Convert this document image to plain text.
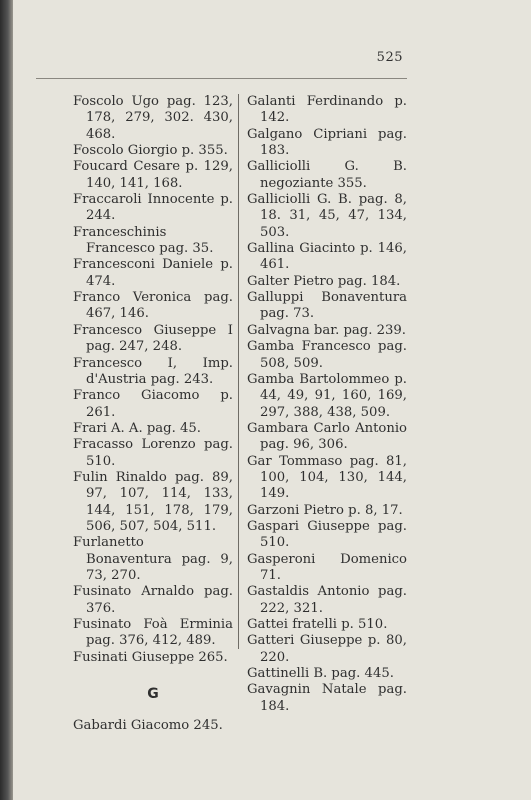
525
Foscolo Ugo pag. 123, 178, 279, 302. 430, 468.
Foscolo Giorgio p. 355.
Foucard Cesare p. 129, 140, 141, 168.
Fraccaroli Innocente p. 244.
Franceschinis Francesco pag. 35.
Francesconi Daniele p. 474.
Franco Veronica pag. 467, 146.
Francesco Giuseppe I pag. 247, 248.
Francesco I, Imp. d'Austria pag. 243.
Franco Giacomo p. 261.
Frari A. A. pag. 45.
Fracasso Lorenzo pag. 510.
Fulin Rinaldo pag. 89, 97, 107, 114, 133, 144, 151, 178, 179, 506, 507, 504, 511.
Furlanetto Bonaventura pag. 9, 73, 270.
Fusinato Arnaldo pag. 376.
Fusinato Foà Erminia pag. 376, 412, 489.
Fusinati Giuseppe 265.
G
Gabardi Giacomo 245.
Galanti Ferdinando p. 142.
Galgano Cipriani pag. 183.
Galliciolli G. B. negoziante 355.
Galliciolli G. B. pag. 8, 18. 31, 45, 47, 134, 503.
Gallina Giacinto p. 146, 461.
Galter Pietro pag. 184.
Galluppi Bonaventura pag. 73.
Galvagna bar. pag. 239.
Gamba Francesco pag. 508, 509.
Gamba Bartolommeo p. 44, 49, 91, 160, 169, 297, 388, 438, 509.
Gambara Carlo Antonio pag. 96, 306.
Gar Tommaso pag. 81, 100, 104, 130, 144, 149.
Garzoni Pietro p. 8, 17.
Gaspari Giuseppe pag. 510.
Gasperoni Domenico 71.
Gastaldis Antonio pag. 222, 321.
Gattei fratelli p. 510.
Gatteri Giuseppe p. 80, 220.
Gattinelli B. pag. 445.
Gavagnin Natale pag. 184.
